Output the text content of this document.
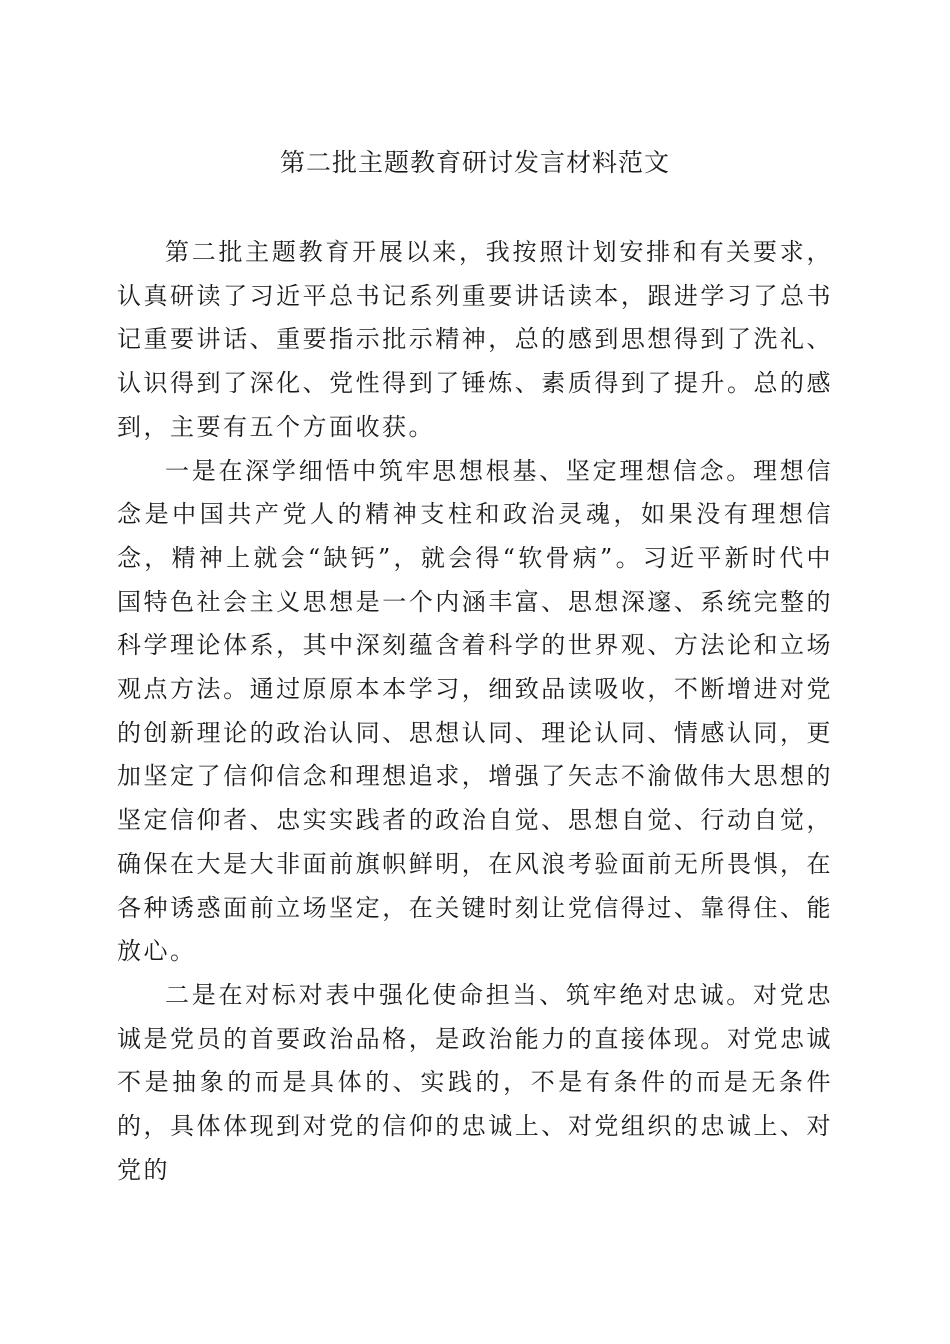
第二批主题教育研讨发言材料范文

第二批主题教育开展以来，我按照计划安排和有关要求，认真研读了习近平总书记系列重要讲话读本，跟进学习了总书记重要讲话、重要指示批示精神，总的感到思想得到了洗礼、认识得到了深化、党性得到了锤炼、素质得到了提升。总的感到，主要有五个方面收获。

一是在深学细悟中筑牢思想根基、坚定理想信念。理想信念是中国共产党人的精神支柱和政治灵魂，如果没有理想信念，精神上就会“缺钙”，就会得“软骨病”。习近平新时代中国特色社会主义思想是一个内涵丰富、思想深邃、系统完整的科学理论体系，其中深刻蕴含着科学的世界观、方法论和立场观点方法。通过原原本本学习，细致品读吸收，不断增进对党的创新理论的政治认同、思想认同、理论认同、情感认同，更加坚定了信仰信念和理想追求，增强了矢志不渝做伟大思想的坚定信仰者、忠实实践者的政治自觉、思想自觉、行动自觉，确保在大是大非面前旗帜鲜明，在风浪考验面前无所畏惧，在各种诱惑面前立场坚定，在关键时刻让党信得过、靠得住、能放心。

二是在对标对表中强化使命担当、筑牢绝对忠诚。对党忠诚是党员的首要政治品格，是政治能力的直接体现。对党忠诚不是抽象的而是具体的、实践的，不是有条件的而是无条件的，具体体现到对党的信仰的忠诚上、对党组织的忠诚上、对党的
